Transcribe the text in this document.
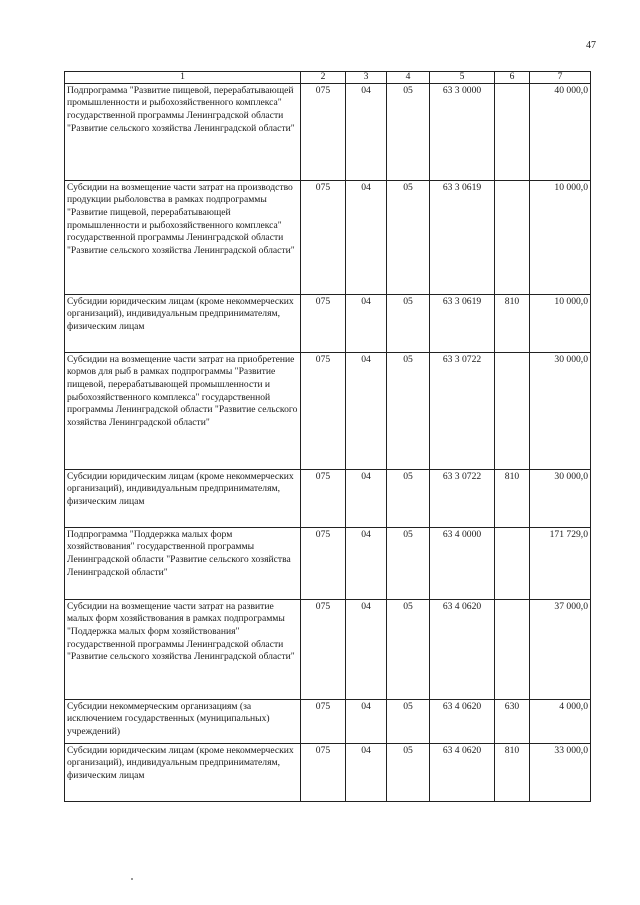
47
1	2	3	4	5	6	7
Подпрограмма "Развитие пищевой, перерабатывающей промышленности и рыбохозяйственного комплекса" государственной программы Ленинградской области "Развитие сельского хозяйства Ленинградской области"	075	04	05	63 3 0000		40 000,0
Субсидии на возмещение части затрат на производство продукции рыболовства в рамках подпрограммы "Развитие пищевой, перерабатывающей промышленности и рыбохозяйственного комплекса" государственной программы Ленинградской области "Развитие сельского хозяйства Ленинградской области"	075	04	05	63 3 0619		10 000,0
Субсидии юридическим лицам (кроме некоммерческих организаций), индивидуальным предпринимателям, физическим лицам	075	04	05	63 3 0619	810	10 000,0
Субсидии на возмещение части затрат на приобретение кормов для рыб в рамках подпрограммы "Развитие пищевой, перерабатывающей промышленности и рыбохозяйственного комплекса" государственной программы Ленинградской области "Развитие сельского хозяйства Ленинградской области"	075	04	05	63 3 0722		30 000,0
Субсидии юридическим лицам (кроме некоммерческих организаций), индивидуальным предпринимателям, физическим лицам	075	04	05	63 3 0722	810	30 000,0
Подпрограмма "Поддержка малых форм хозяйствования" государственной программы Ленинградской области "Развитие сельского хозяйства Ленинградской области"	075	04	05	63 4 0000		171 729,0
Субсидии на возмещение части затрат на развитие малых форм хозяйствования в рамках подпрограммы "Поддержка малых форм хозяйствования" государственной программы Ленинградской области "Развитие сельского хозяйства Ленинградской области"	075	04	05	63 4 0620		37 000,0
Субсидии некоммерческим организациям (за исключением государственных (муниципальных) учреждений)	075	04	05	63 4 0620	630	4 000,0
Субсидии юридическим лицам (кроме некоммерческих организаций), индивидуальным предпринимателям, физическим лицам	075	04	05	63 4 0620	810	33 000,0
